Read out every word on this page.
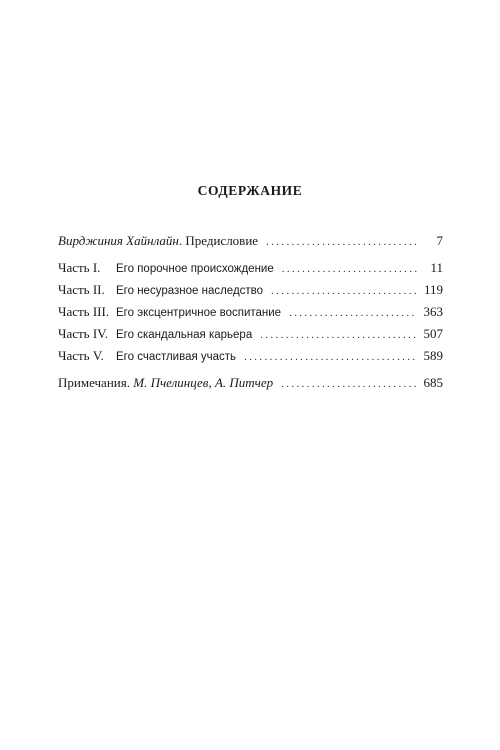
СОДЕРЖАНИЕ
Вирджиния Хайнлайн. Предисловие . . .	7
Часть I. Его порочное происхождение . . .	11
Часть II. Его несуразное наследство . . .	119
Часть III. Его эксцентричное воспитание . . .	363
Часть IV. Его скандальная карьера . . .	507
Часть V. Его счастливая участь . . .	589
Примечания. М. Пчелинцев, А. Питчер . . .	685
